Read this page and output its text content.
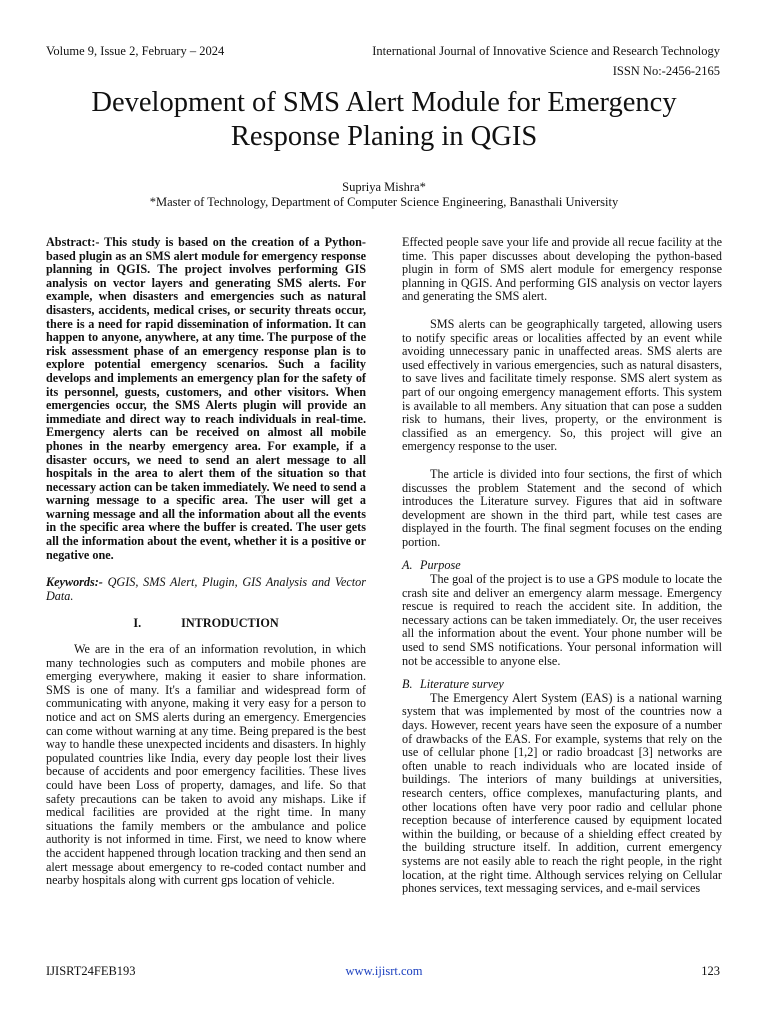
Volume 9, Issue 2, February – 2024	International Journal of Innovative Science and Research Technology
ISSN No:-2456-2165
Development of SMS Alert Module for Emergency Response Planing in QGIS
Supriya Mishra*
*Master of Technology, Department of Computer Science Engineering, Banasthali University

Abstract:- This study is based on the creation of a Python-based plugin as an SMS alert module for emergency response planning in QGIS. The project involves performing GIS analysis on vector layers and generating SMS alerts. For example, when disasters and emergencies such as natural disasters, accidents, medical crises, or security threats occur, there is a need for rapid dissemination of information. It can happen to anyone, anywhere, at any time. The purpose of the risk assessment phase of an emergency response plan is to explore potential emergency scenarios. Such a facility develops and implements an emergency plan for the safety of its personnel, guests, customers, and other visitors. When emergencies occur, the SMS Alerts plugin will provide an immediate and direct way to reach individuals in real-time. Emergency alerts can be received on almost all mobile phones in the nearby emergency area. For example, if a disaster occurs, we need to send an alert message to all hospitals in the area to alert them of the situation so that necessary action can be taken immediately. We need to send a warning message to a specific area. The user will get a warning message and all the information about all the events in the specific area where the buffer is created. The user gets all the information about the event, whether it is a positive or negative one.

Keywords:- QGIS, SMS Alert, Plugin, GIS Analysis and Vector Data.

I.	INTRODUCTION

We are in the era of an information revolution, in which many technologies such as computers and mobile phones are emerging everywhere, making it easier to share information. SMS is one of many. It's a familiar and widespread form of communicating with anyone, making it very easy for a person to notice and act on SMS alerts during an emergency. Emergencies can come without warning at any time. Being prepared is the best way to handle these unexpected incidents and disasters. In highly populated countries like India, every day people lost their lives because of accidents and poor emergency facilities. These lives could have been Loss of property, damages, and life. So that safety precautions can be taken to avoid any mishaps. Like if medical facilities are provided at the right time. In many situations the family members or the ambulance and police authority is not informed in time. First, we need to know where the accident happened through location tracking and then send an alert message about emergency to re-coded contact number and nearby hospitals along with current gps location of vehicle.

Effected people save your life and provide all recue facility at the time. This paper discusses about developing the python-based plugin in form of SMS alert module for emergency response planning in QGIS. And performing GIS analysis on vector layers and generating the SMS alert.

SMS alerts can be geographically targeted, allowing users to notify specific areas or localities affected by an event while avoiding unnecessary panic in unaffected areas. SMS alerts are used effectively in various emergencies, such as natural disasters, to save lives and facilitate timely response. SMS alert system as part of our ongoing emergency management efforts. This system is available to all members. Any situation that can pose a sudden risk to humans, their lives, property, or the environment is classified as an emergency. So, this project will give an emergency response to the user.

The article is divided into four sections, the first of which discusses the problem Statement and the second of which introduces the Literature survey. Figures that aid in software development are shown in the third part, while test cases are displayed in the fourth. The final segment focuses on the ending portion.

A. Purpose

The goal of the project is to use a GPS module to locate the crash site and deliver an emergency alarm message. Emergency rescue is required to reach the accident site. In addition, the necessary actions can be taken immediately. Or, the user receives all the information about the event. Your phone number will be used to send SMS notifications. Your personal information will not be accessible to anyone else.

B. Literature survey

The Emergency Alert System (EAS) is a national warning system that was implemented by most of the countries now a days. However, recent years have seen the exposure of a number of drawbacks of the EAS. For example, systems that rely on the use of cellular phone [1,2] or radio broadcast [3] networks are often unable to reach individuals who are located inside of buildings. The interiors of many buildings at universities, research centers, office complexes, manufacturing plants, and other locations often have very poor radio and cellular phone reception because of interference caused by equipment located within the building, or because of a shielding effect created by the building structure itself. In addition, current emergency systems are not easily able to reach the right people, in the right location, at the right time. Although services relying on Cellular phones services, text messaging services, and e-mail services

IJISRT24FEB193	www.ijisrt.com	123
